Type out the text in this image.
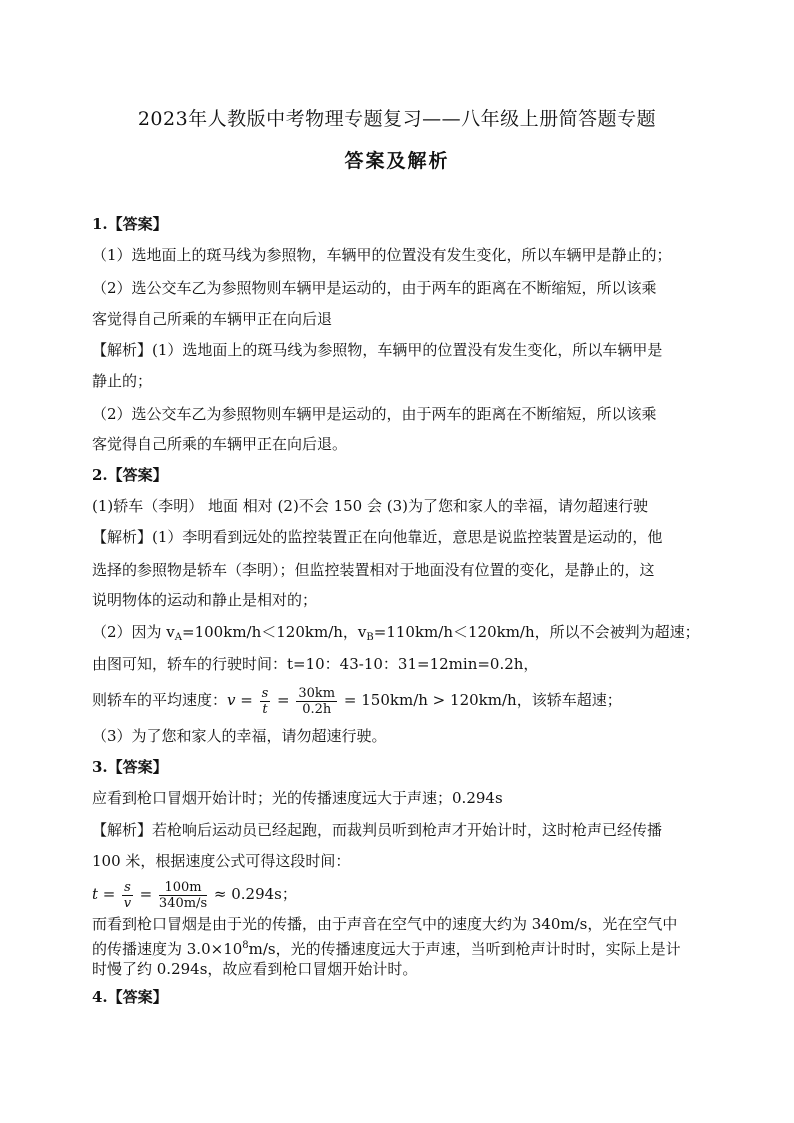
2023年人教版中考物理专题复习——八年级上册简答题专题
答案及解析
1.【答案】
（1）选地面上的斑马线为参照物，车辆甲的位置没有发生变化，所以车辆甲是静止的；
（2）选公交车乙为参照物则车辆甲是运动的，由于两车的距离在不断缩短，所以该乘
客觉得自己所乘的车辆甲正在向后退
【解析】(1）选地面上的斑马线为参照物，车辆甲的位置没有发生变化，所以车辆甲是
静止的；
（2）选公交车乙为参照物则车辆甲是运动的，由于两车的距离在不断缩短，所以该乘
客觉得自己所乘的车辆甲正在向后退。
2.【答案】
(1)轿车（李明） 地面 相对 (2)不会 150 会 (3)为了您和家人的幸福，请勿超速行驶
【解析】(1）李明看到远处的监控装置正在向他靠近，意思是说监控装置是运动的，他
选择的参照物是轿车（李明）；但监控装置相对于地面没有位置的变化，是静止的，这
说明物体的运动和静止是相对的；
（2）因为 $v_A=100km/h<120km/h$，$v_B=110km/h<120km/h$，所以不会被判为超速；
由图可知，轿车的行驶时间：t=10：43-10：31=12min=0.2h，
则轿车的平均速度：$v = \frac{s}{t} = \frac{30km}{0.2h} = 150km/h > 120km/h$，该轿车超速；
（3）为了您和家人的幸福，请勿超速行驶。
3.【答案】
应看到枪口冒烟开始计时；光的传播速度远大于声速；0.294s
【解析】若枪响后运动员已经起跑，而裁判员听到枪声才开始计时，这时枪声已经传播
100 米，根据速度公式可得这段时间：
$t = \frac{s}{v} = \frac{100m}{340m/s} \approx 0.294s$；
而看到枪口冒烟是由于光的传播，由于声音在空气中的速度大约为 340m/s，光在空气中
的传播速度为 $3.0\times 10^8m/s$，光的传播速度远大于声速，当听到枪声计时时，实际上是计
时慢了约 0.294s，故应看到枪口冒烟开始计时。
4.【答案】
